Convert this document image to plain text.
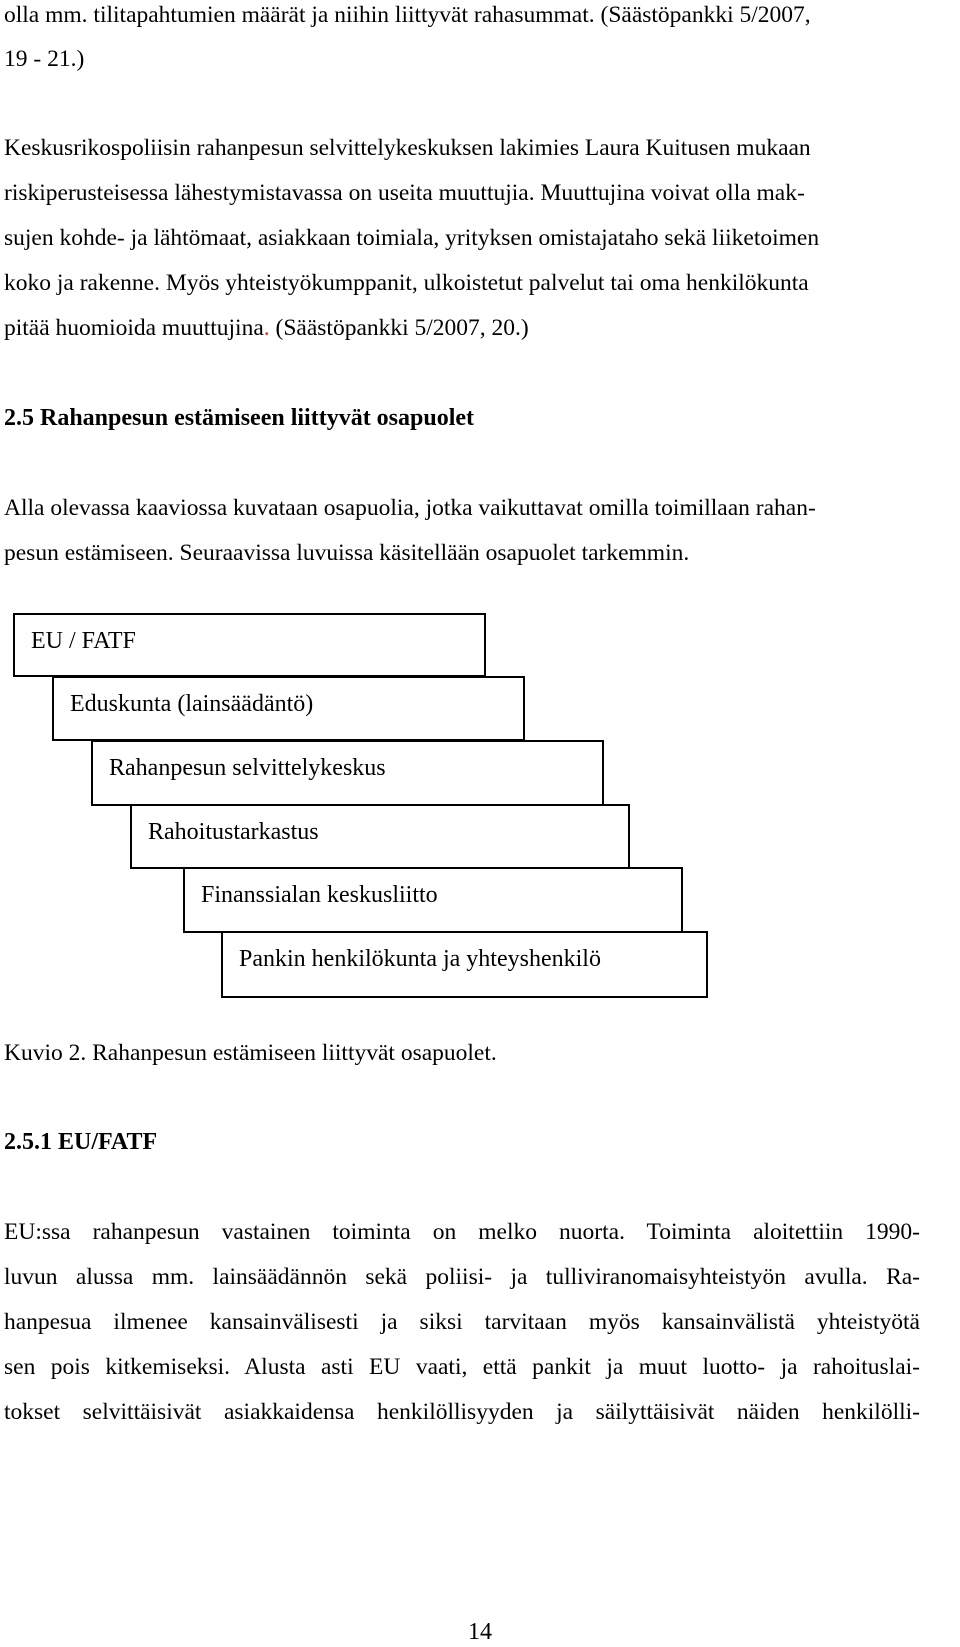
olla mm. tilitapahtumien määrät ja niihin liittyvät rahasummat. (Säästöpankki 5/2007,
19 - 21.)
Keskusrikospoliisin rahanpesun selvittelykeskuksen lakimies Laura Kuitusen mukaan
riskiperusteisessa lähestymistavassa on useita muuttujia. Muuttujina voivat olla mak-
sujen kohde- ja lähtömaat, asiakkaan toimiala, yrityksen omistajataho sekä liiketoimen
koko ja rakenne. Myös yhteistyökumppanit, ulkoistetut palvelut tai oma henkilökunta
pitää huomioida muuttujina. (Säästöpankki 5/2007, 20.)
2.5 Rahanpesun estämiseen liittyvät osapuolet
Alla olevassa kaaviossa kuvataan osapuolia, jotka vaikuttavat omilla toimillaan rahan-
pesun estämiseen. Seuraavissa luvuissa käsitellään osapuolet tarkemmin.
EU / FATF
Eduskunta (lainsäädäntö)
Rahanpesun selvittelykeskus
Rahoitustarkastus
Finanssialan keskusliitto
Pankin henkilökunta ja yhteyshenkilö
Kuvio 2. Rahanpesun estämiseen liittyvät osapuolet.
2.5.1 EU/FATF
EU:ssa rahanpesun vastainen toiminta on melko nuorta. Toiminta aloitettiin 1990-
luvun alussa mm. lainsäädännön sekä poliisi- ja tulliviranomaisyhteistyön avulla. Ra-
hanpesua ilmenee kansainvälisesti ja siksi tarvitaan myös kansainvälistä yhteistyötä
sen pois kitkemiseksi. Alusta asti EU vaati, että pankit ja muut luotto- ja rahoituslai-
tokset selvittäisivät asiakkaidensa henkilöllisyyden ja säilyttäisivät näiden henkilölli-
14
